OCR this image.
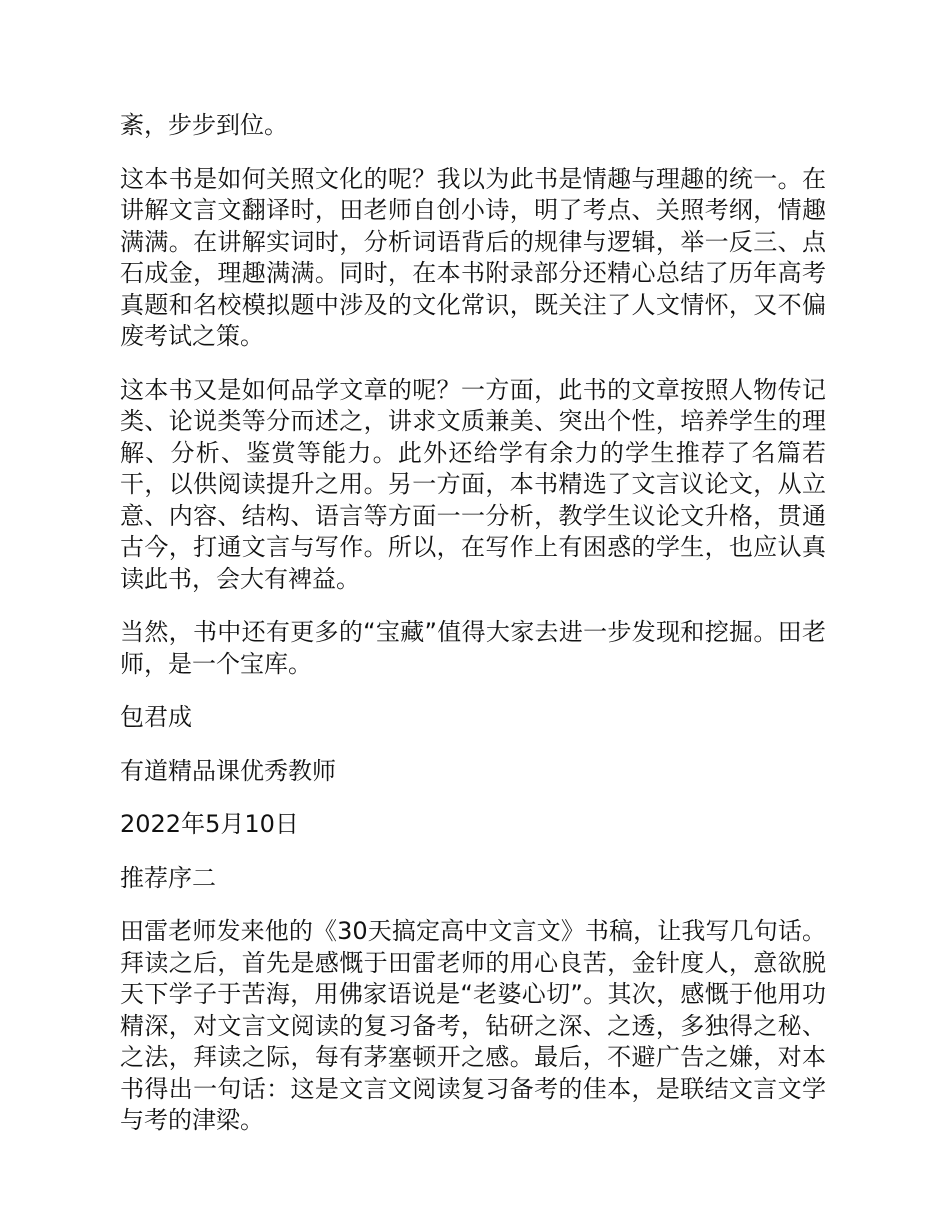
紊，步步到位。

这本书是如何关照文化的呢？我以为此书是情趣与理趣的统一。在讲解文言文翻译时，田老师自创小诗，明了考点、关照考纲，情趣满满。在讲解实词时，分析词语背后的规律与逻辑，举一反三、点石成金，理趣满满。同时，在本书附录部分还精心总结了历年高考真题和名校模拟题中涉及的文化常识，既关注了人文情怀，又不偏废考试之策。

这本书又是如何品学文章的呢？一方面，此书的文章按照人物传记类、论说类等分而述之，讲求文质兼美、突出个性，培养学生的理解、分析、鉴赏等能力。此外还给学有余力的学生推荐了名篇若干，以供阅读提升之用。另一方面，本书精选了文言议论文，从立意、内容、结构、语言等方面一一分析，教学生议论文升格，贯通古今，打通文言与写作。所以，在写作上有困惑的学生，也应认真读此书，会大有裨益。

当然，书中还有更多的“宝藏”值得大家去进一步发现和挖掘。田老师，是一个宝库。

包君成

有道精品课优秀教师

2022年5月10日

推荐序二

田雷老师发来他的《30天搞定高中文言文》书稿，让我写几句话。拜读之后，首先是感慨于田雷老师的用心良苦，金针度人，意欲脱天下学子于苦海，用佛家语说是“老婆心切”。其次，感慨于他用功精深，对文言文阅读的复习备考，钻研之深、之透，多独得之秘、之法，拜读之际，每有茅塞顿开之感。最后，不避广告之嫌，对本书得出一句话：这是文言文阅读复习备考的佳本，是联结文言文学与考的津梁。
